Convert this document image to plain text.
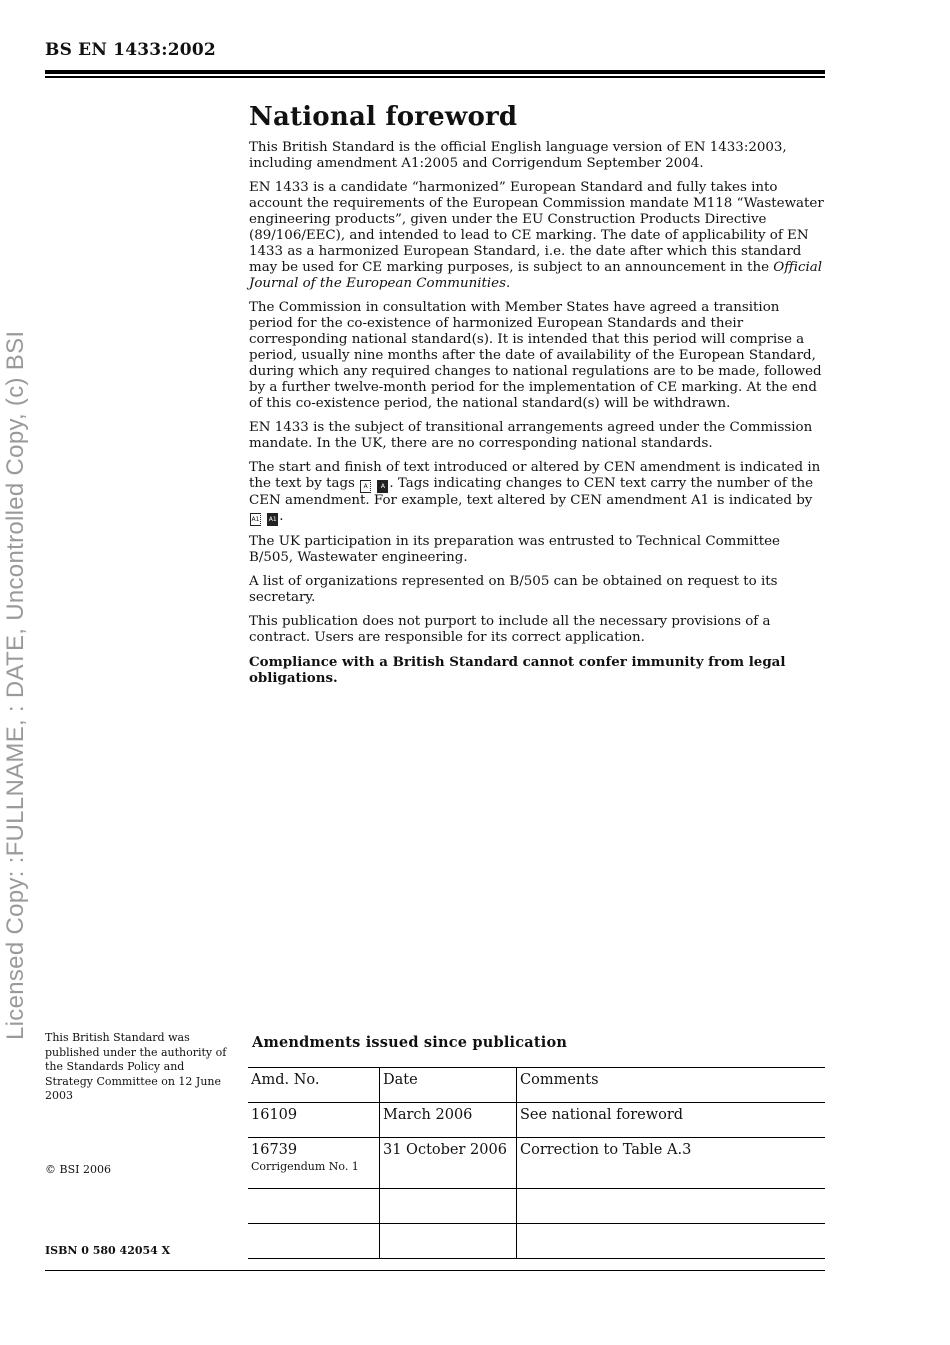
BS EN 1433:2002
Licensed Copy: :FULLNAME, : DATE, Uncontrolled Copy, (c) BSI
National foreword

This British Standard is the official English language version of EN 1433:2003, including amendment A1:2005 and Corrigendum September 2004.

EN 1433 is a candidate “harmonized” European Standard and fully takes into account the requirements of the European Commission mandate M118 “Wastewater engineering products”, given under the EU Construction Products Directive (89/106/EEC), and intended to lead to CE marking. The date of applicability of EN 1433 as a harmonized European Standard, i.e. the date after which this standard may be used for CE marking purposes, is subject to an announcement in the Official Journal of the European Communities.

The Commission in consultation with Member States have agreed a transition period for the co-existence of harmonized European Standards and their corresponding national standard(s). It is intended that this period will comprise a period, usually nine months after the date of availability of the European Standard, during which any required changes to national regulations are to be made, followed by a further twelve-month period for the implementation of CE marking. At the end of this co-existence period, the national standard(s) will be withdrawn.

EN 1433 is the subject of transitional arrangements agreed under the Commission mandate. In the UK, there are no corresponding national standards.

The start and finish of text introduced or altered by CEN amendment is indicated in the text by tags A A . Tags indicating changes to CEN text carry the number of the CEN amendment. For example, text altered by CEN amendment A1 is indicated by A1 A1 .

The UK participation in its preparation was entrusted to Technical Committee B/505, Wastewater engineering.

A list of organizations represented on B/505 can be obtained on request to its secretary.

This publication does not purport to include all the necessary provisions of a contract. Users are responsible for its correct application.

Compliance with a British Standard cannot confer immunity from legal obligations.

This British Standard was published under the authority of the Standards Policy and Strategy Committee on 12 June 2003
© BSI 2006
ISBN 0 580 42054 X
Amendments issued since publication
Amd. No.	Date	Comments
16109	March 2006	See national foreword
16739
Corrigendum No. 1	31 October 2006	Correction to Table A.3
